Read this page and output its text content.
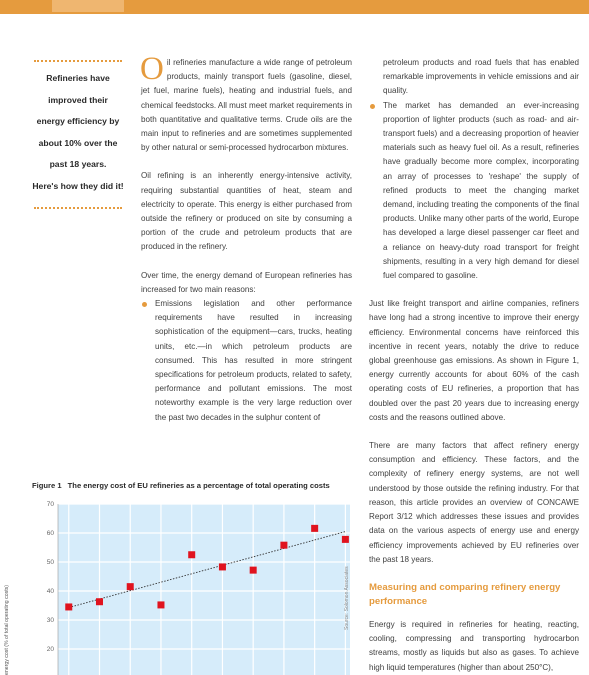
Refineries have
improved their
energy efficiency by
about 10% over the
past 18 years.
Here's how they did it!

Oil refineries manufacture a wide range of petroleum products, mainly transport fuels (gasoline, diesel, jet fuel, marine fuels), heating and industrial fuels, and chemical feedstocks. All must meet market requirements in both quantitative and qualitative terms. Crude oils are the main input to refineries and are sometimes supplemented by other natural or semi-processed hydrocarbon mixtures.

Oil refining is an inherently energy-intensive activity, requiring substantial quantities of heat, steam and electricity to operate. This energy is either purchased from outside the refinery or produced on site by consuming a portion of the crude and petroleum products that are produced in the refinery.

Over time, the energy demand of European refineries has increased for two main reasons:

Emissions legislation and other performance requirements have resulted in increasing sophistication of the equipment—cars, trucks, heating units, etc.—in which petroleum products are consumed. This has resulted in more stringent specifications for petroleum products, related to safety, performance and pollutant emissions. The most noteworthy example is the very large reduction over the past two decades in the sulphur content of

petroleum products and road fuels that has enabled remarkable improvements in vehicle emissions and air quality.

The market has demanded an ever-increasing proportion of lighter products (such as road- and air-transport fuels) and a decreasing proportion of heavier materials such as heavy fuel oil. As a result, refineries have gradually become more complex, incorporating an array of processes to 'reshape' the supply of refined products to meet the changing market demand, including treating the components of the final products. Unlike many other parts of the world, Europe has developed a large diesel passenger car fleet and a reliance on heavy-duty road transport for freight shipments, resulting in a very high demand for diesel fuel compared to gasoline.

Just like freight transport and airline companies, refiners have long had a strong incentive to improve their energy efficiency. Environmental concerns have reinforced this incentive in recent years, notably the drive to reduce global greenhouse gas emissions. As shown in Figure 1, energy currently accounts for about 60% of the cash operating costs of EU refineries, a proportion that has doubled over the past 20 years due to increasing energy costs and the reasons outlined above.

There are many factors that affect refinery energy consumption and efficiency. These factors, and the complexity of refinery energy systems, are not well understood by those outside the refining industry. For that reason, this article provides an overview of CONCAWE Report 3/12 which addresses these issues and provides data on the various aspects of energy use and energy efficiency improvements achieved by EU refineries over the past 18 years.

Measuring and comparing refinery energy performance

Energy is required in refineries for heating, reacting, cooling, compressing and transporting hydrocarbon streams, mostly as liquids but also as gases. To achieve high liquid temperatures (higher than about 250°C),

Figure 1 The energy cost of EU refineries as a percentage of total operating costs
20
30
40
50
60
70
energy cost (% of total operating costs)	Source: Solomon Associates
